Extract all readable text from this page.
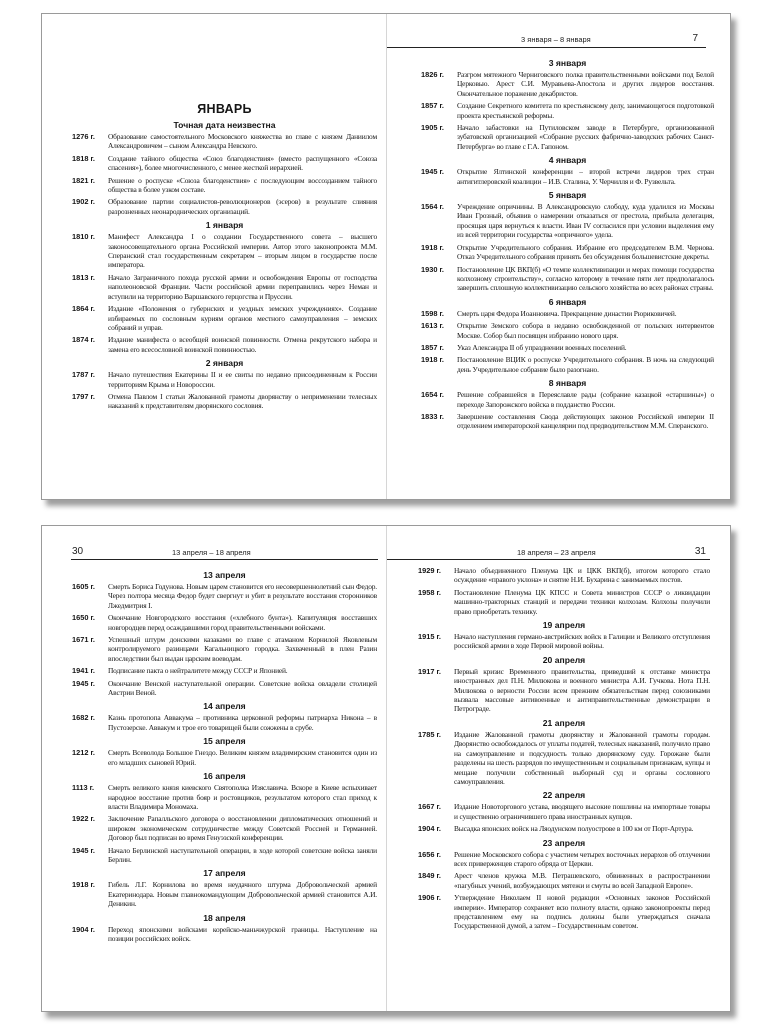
ЯНВАРЬ
Точная дата неизвестна
1276 г.	Образование самостоятельного Московского княжества во главе с князем Даниилом Александровичем – сыном Александра Невского.
1818 г.	Создание тайного общества «Союз благоденствия» (вместо распущенного «Союза спасения»), более многочисленного, с менее жесткой иерархией.
1821 г.	Решение о роспуске «Союза благоденствия» с последующим воссозданием тайного общества в более узком составе.
1902 г.	Образование партии социалистов-революционеров (эсеров) в результате слияния разрозненных неонароднических организаций.
1 января
1810 г.	Манифест Александра I о создании Государственного совета – высшего законосовещательного органа Российской империи. Автор этого законопроекта М.М. Сперанский стал государственным секретарем – вторым лицом в государстве после императора.
1813 г.	Начало Заграничного похода русской армии и освобождения Европы от господства наполеоновской Франции. Части российской армии переправились через Неман и вступили на территорию Варшавского герцогства и Пруссии.
1864 г.	Издание «Положения о губернских и уездных земских учреждениях». Создание избираемых по сословным куриям органов местного самоуправления – земских собраний и управ.
1874 г.	Издание манифеста о всеобщей воинской повинности. Отмена рекрутского набора и замена его всесословной воинской повинностью.
2 января
1787 г.	Начало путешествия Екатерины II и ее свиты по недавно присоединенным к России территориям Крыма и Новороссии.
1797 г.	Отмена Павлом I статьи Жалованной грамоты дворянству о неприменении телесных наказаний к представителям дворянского сословия.
3 января – 8 января	7
3 января
1826 г.	Разгром мятежного Черниговского полка правительственными войсками под Белой Церковью. Арест С.И. Муравьева-Апостола и других лидеров восстания. Окончательное поражение декабристов.
1857 г.	Создание Секретного комитета по крестьянскому делу, занимающегося подготовкой проекта крестьянской реформы.
1905 г.	Начало забастовки на Путиловском заводе в Петербурге, организованной зубатовской организацией «Собрание русских фабрично-заводских рабочих Санкт-Петербурга» во главе с Г.А. Гапоном.
4 января
1945 г.	Открытие Ялтинской конференции – второй встречи лидеров трех стран антигитлеровской коалиции – И.В. Сталина, У. Черчилля и Ф. Рузвельта.
5 января
1564 г.	Учреждение опричнины. В Александровскую слободу, куда удалился из Москвы Иван Грозный, объявив о намерении отказаться от престола, прибыла делегация, просящая царя вернуться к власти. Иван IV согласился при условии выделения ему из всей территории государства «опричного» удела.
1918 г.	Открытие Учредительного собрания. Избрание его председателем В.М. Чернова. Отказ Учредительного собрания принять без обсуждения большевистские декреты.
1930 г.	Постановление ЦК ВКП(б) «О темпе коллективизации и мерах помощи государства колхозному строительству», согласно которому в течение пяти лет предполагалось завершить сплошную коллективизацию сельского хозяйства во всех районах страны.
6 января
1598 г.	Смерть царя Федора Иоанновича. Прекращение династии Рюриковичей.
1613 г.	Открытие Земского собора в недавно освобожденной от польских интервентов Москве. Собор был посвящен избранию нового царя.
1857 г.	Указ Александра II об упразднении военных поселений.
1918 г.	Постановление ВЦИК о роспуске Учредительного собрания. В ночь на следующий день Учредительное собрание было разогнано.
8 января
1654 г.	Решение собравшейся в Переяславле рады (собрание казацкой «старшины») о переходе Запорожского войска в подданство России.
1833 г.	Завершение составления Свода действующих законов Российской империи II отделением императорской канцелярии под предводительством М.М. Сперанского.
30	13 апреля – 18 апреля
13 апреля
1605 г.	Смерть Бориса Годунова. Новым царем становится его несовершеннолетний сын Федор. Через полтора месяца Федор будет свергнут и убит в результате восстания сторонников Лжедмитрия I.
1650 г.	Окончание Новгородского восстания («хлебного бунта»). Капитуляция восставших новгородцев перед осаждавшими город правительственными войсками.
1671 г.	Успешный штурм донскими казаками во главе с атаманом Корнилой Яковлевым контролируемого разинцами Кагальницкого городка. Захваченный в плен Разин впоследствии был выдан царским воеводам.
1941 г.	Подписание пакта о нейтралитете между СССР и Японией.
1945 г.	Окончание Венской наступательной операции. Советские войска овладели столицей Австрии Веной.
14 апреля
1682 г.	Казнь протопопа Аввакума – противника церковной реформы патриарха Никона – в Пустозерске. Аввакум и трое его товарищей были сожжены в срубе.
15 апреля
1212 г.	Смерть Всеволода Большое Гнездо. Великим князем владимирским становится один из его младших сыновей Юрий.
16 апреля
1113 г.	Смерть великого князя киевского Святополка Изяславича. Вскоре в Киеве вспыхивает народное восстание против бояр и ростовщиков, результатом которого стал приход к власти Владимира Мономаха.
1922 г.	Заключение Рапалльского договора о восстановлении дипломатических отношений и широком экономическом сотрудничестве между Советской Россией и Германией. Договор был подписан во время Генуэзской конференции.
1945 г.	Начало Берлинской наступательной операции, в ходе которой советские войска заняли Берлин.
17 апреля
1918 г.	Гибель Л.Г. Корнилова во время неудачного штурма Добровольческой армией Екатеринодара. Новым главнокомандующим Добровольческой армией становится А.И. Деникин.
18 апреля
1904 г.	Переход японскими войсками корейско-маньчжурской границы. Наступление на позиции российских войск.
18 апреля – 23 апреля	31
1929 г.	Начало объединенного Пленума ЦК и ЦКК ВКП(б), итогом которого стало осуждение «правого уклона» и снятие Н.И. Бухарина с занимаемых постов.
1958 г.	Постановление Пленума ЦК КПСС и Совета министров СССР о ликвидации машинно-тракторных станций и передачи техники колхозам. Колхозы получили право приобретать технику.
19 апреля
1915 г.	Начало наступления германо-австрийских войск в Галиции и Великого отступления российской армии в ходе Первой мировой войны.
20 апреля
1917 г.	Первый кризис Временного правительства, приведший к отставке министра иностранных дел П.Н. Милюкова и военного министра А.И. Гучкова. Нота П.Н. Милюкова о верности России всем прежним обязательствам перед союзниками вызвала массовые антивоенные и антиправительственные демонстрации в Петрограде.
21 апреля
1785 г.	Издание Жалованной грамоты дворянству и Жалованной грамоты городам. Дворянство освобождалось от уплаты податей, телесных наказаний, получило право на самоуправление и подсудность только дворянскому суду. Горожане были разделены на шесть разрядов по имущественным и социальным признакам, купцы и мещане получили собственный выборный суд и органы сословного самоуправления.
22 апреля
1667 г.	Издание Новоторгового устава, вводящего высокие пошлины на импортные товары и существенно ограничившего права иностранных купцов.
1904 г.	Высадка японских войск на Ляодунском полуострове в 100 км от Порт-Артура.
23 апреля
1656 г.	Решение Московского собора с участием четырех восточных иерархов об отлучении всех приверженцев старого обряда от Церкви.
1849 г.	Арест членов кружка М.В. Петрашевского, обвиненных в распространении «пагубных учений, возбуждающих мятежи и смуты во всей Западной Европе».
1906 г.	Утверждение Николаем II новой редакции «Основных законов Российской империи». Император сохраняет всю полноту власти, однако законопроекты перед представлением ему на подпись должны были утверждаться сначала Государственной думой, а затем – Государственным советом.
